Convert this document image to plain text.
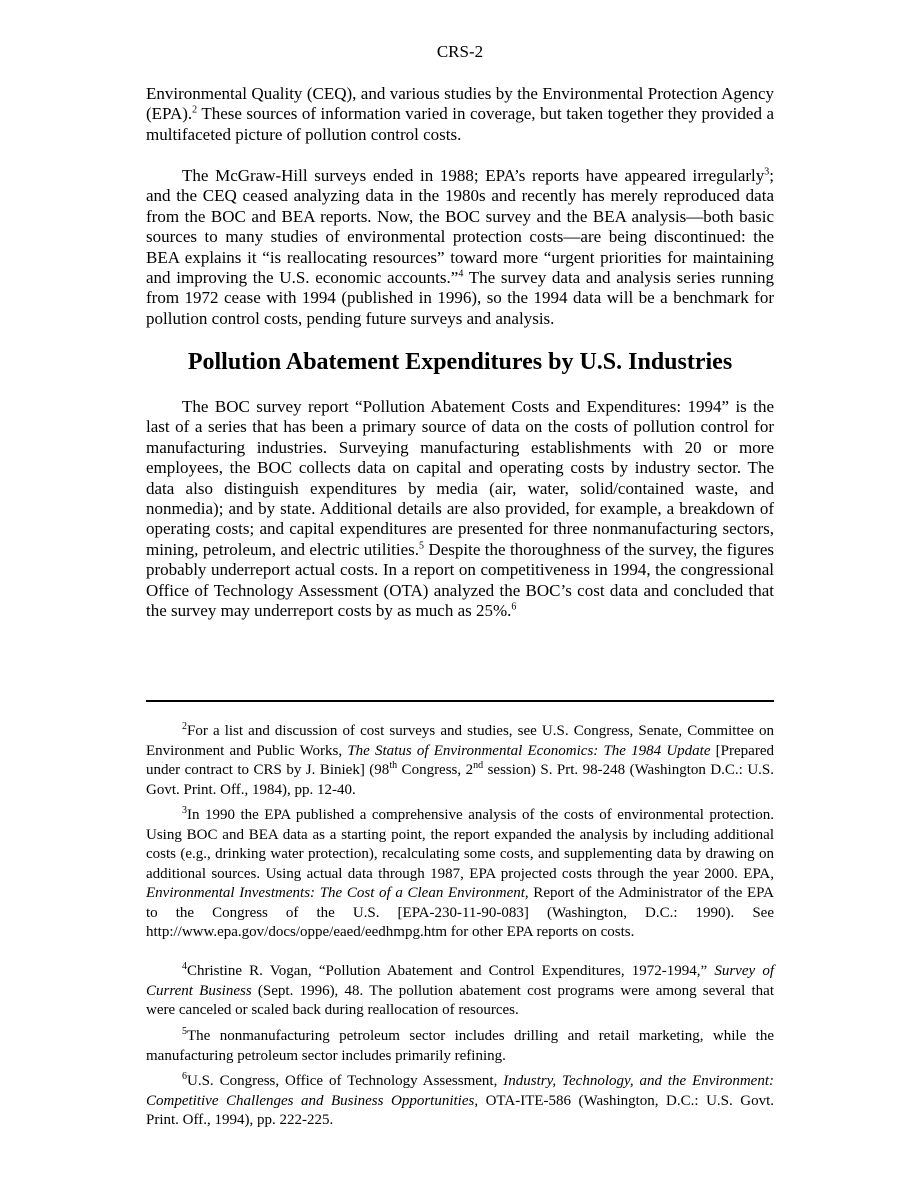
CRS-2

Environmental Quality (CEQ), and various studies by the Environmental Protection Agency (EPA).$^2$ These sources of information varied in coverage, but taken together they provided a multifaceted picture of pollution control costs.

The McGraw-Hill surveys ended in 1988; EPA’s reports have appeared irregularly$^3$; and the CEQ ceased analyzing data in the 1980s and recently has merely reproduced data from the BOC and BEA reports. Now, the BOC survey and the BEA analysis—both basic sources to many studies of environmental protection costs—are being discontinued: the BEA explains it “is reallocating resources” toward more “urgent priorities for maintaining and improving the U.S. economic accounts.”$^4$ The survey data and analysis series running from 1972 cease with 1994 (published in 1996), so the 1994 data will be a benchmark for pollution control costs, pending future surveys and analysis.

Pollution Abatement Expenditures by U.S. Industries

The BOC survey report “Pollution Abatement Costs and Expenditures: 1994” is the last of a series that has been a primary source of data on the costs of pollution control for manufacturing industries. Surveying manufacturing establishments with 20 or more employees, the BOC collects data on capital and operating costs by industry sector. The data also distinguish expenditures by media (air, water, solid/contained waste, and nonmedia); and by state. Additional details are also provided, for example, a breakdown of operating costs; and capital expenditures are presented for three nonmanufacturing sectors, mining, petroleum, and electric utilities.$^5$ Despite the thoroughness of the survey, the figures probably underreport actual costs. In a report on competitiveness in 1994, the congressional Office of Technology Assessment (OTA) analyzed the BOC’s cost data and concluded that the survey may underreport costs by as much as 25%.$^6$

$^2$For a list and discussion of cost surveys and studies, see U.S. Congress, Senate, Committee on Environment and Public Works, The Status of Environmental Economics: The 1984 Update [Prepared under contract to CRS by J. Biniek] (98th Congress, 2nd session) S. Prt. 98-248 (Washington D.C.: U.S. Govt. Print. Off., 1984), pp. 12-40.

$^3$In 1990 the EPA published a comprehensive analysis of the costs of environmental protection. Using BOC and BEA data as a starting point, the report expanded the analysis by including additional costs (e.g., drinking water protection), recalculating some costs, and supplementing data by drawing on additional sources. Using actual data through 1987, EPA projected costs through the year 2000. EPA, Environmental Investments: The Cost of a Clean Environment, Report of the Administrator of the EPA to the Congress of the U.S. [EPA-230-11-90-083] (Washington, D.C.: 1990). See http://www.epa.gov/docs/oppe/eaed/eedhmpg.htm for other EPA reports on costs.

$^4$Christine R. Vogan, “Pollution Abatement and Control Expenditures, 1972-1994,” Survey of Current Business (Sept. 1996), 48. The pollution abatement cost programs were among several that were canceled or scaled back during reallocation of resources.

$^5$The nonmanufacturing petroleum sector includes drilling and retail marketing, while the manufacturing petroleum sector includes primarily refining.

$^6$U.S. Congress, Office of Technology Assessment, Industry, Technology, and the Environment: Competitive Challenges and Business Opportunities, OTA-ITE-586 (Washington, D.C.: U.S. Govt. Print. Off., 1994), pp. 222-225.
